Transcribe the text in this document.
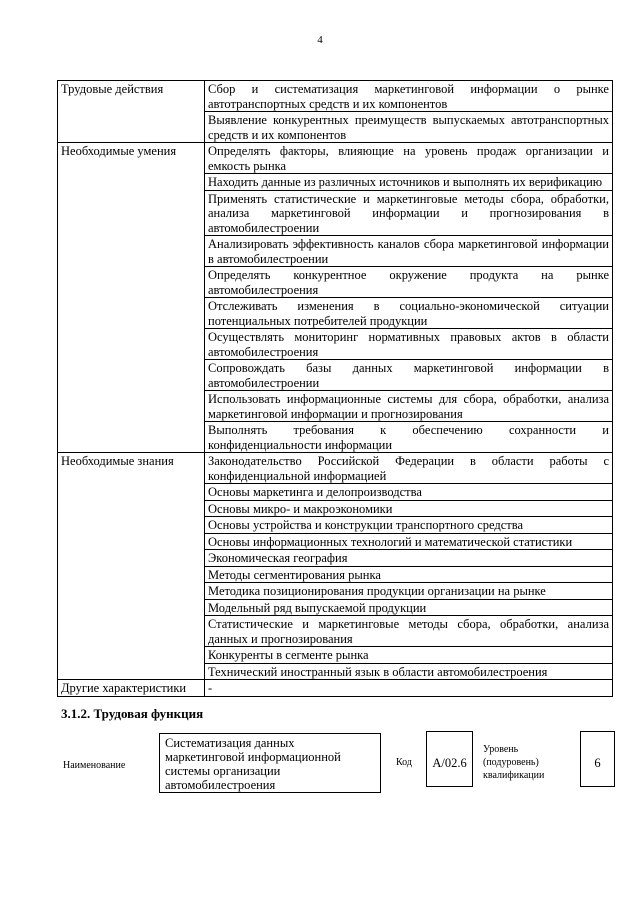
4
Трудовые действия	Сбор и систематизация маркетинговой информации о рынке автотранспортных средств и их компонентов
	Выявление конкурентных преимуществ выпускаемых автотранспортных средств и их компонентов
Необходимые умения	Определять факторы, влияющие на уровень продаж организации и емкость рынка
	Находить данные из различных источников и выполнять их верификацию
	Применять статистические и маркетинговые методы сбора, обработки, анализа маркетинговой информации и прогнозирования в автомобилестроении
	Анализировать эффективность каналов сбора маркетинговой информации в автомобилестроении
	Определять конкурентное окружение продукта на рынке автомобилестроения
	Отслеживать изменения в социально-экономической ситуации потенциальных потребителей продукции
	Осуществлять мониторинг нормативных правовых актов в области автомобилестроения
	Сопровождать базы данных маркетинговой информации в автомобилестроении
	Использовать информационные системы для сбора, обработки, анализа маркетинговой информации и прогнозирования
	Выполнять требования к обеспечению сохранности и конфиденциальности информации
Необходимые знания	Законодательство Российской Федерации в области работы с конфиденциальной информацией
	Основы маркетинга и делопроизводства
	Основы микро- и макроэкономики
	Основы устройства и конструкции транспортного средства
	Основы информационных технологий и математической статистики
	Экономическая география
	Методы сегментирования рынка
	Методика позиционирования продукции организации на рынке
	Модельный ряд выпускаемой продукции
	Статистические и маркетинговые методы сбора, обработки, анализа данных и прогнозирования
	Конкуренты в сегменте рынка
	Технический иностранный язык в области автомобилестроения
Другие характеристики	-
3.1.2. Трудовая функция
Наименование
Систематизация данных маркетинговой информационной системы организации автомобилестроения
Код	A/02.6
Уровень
(подуровень)
квалификации
6
